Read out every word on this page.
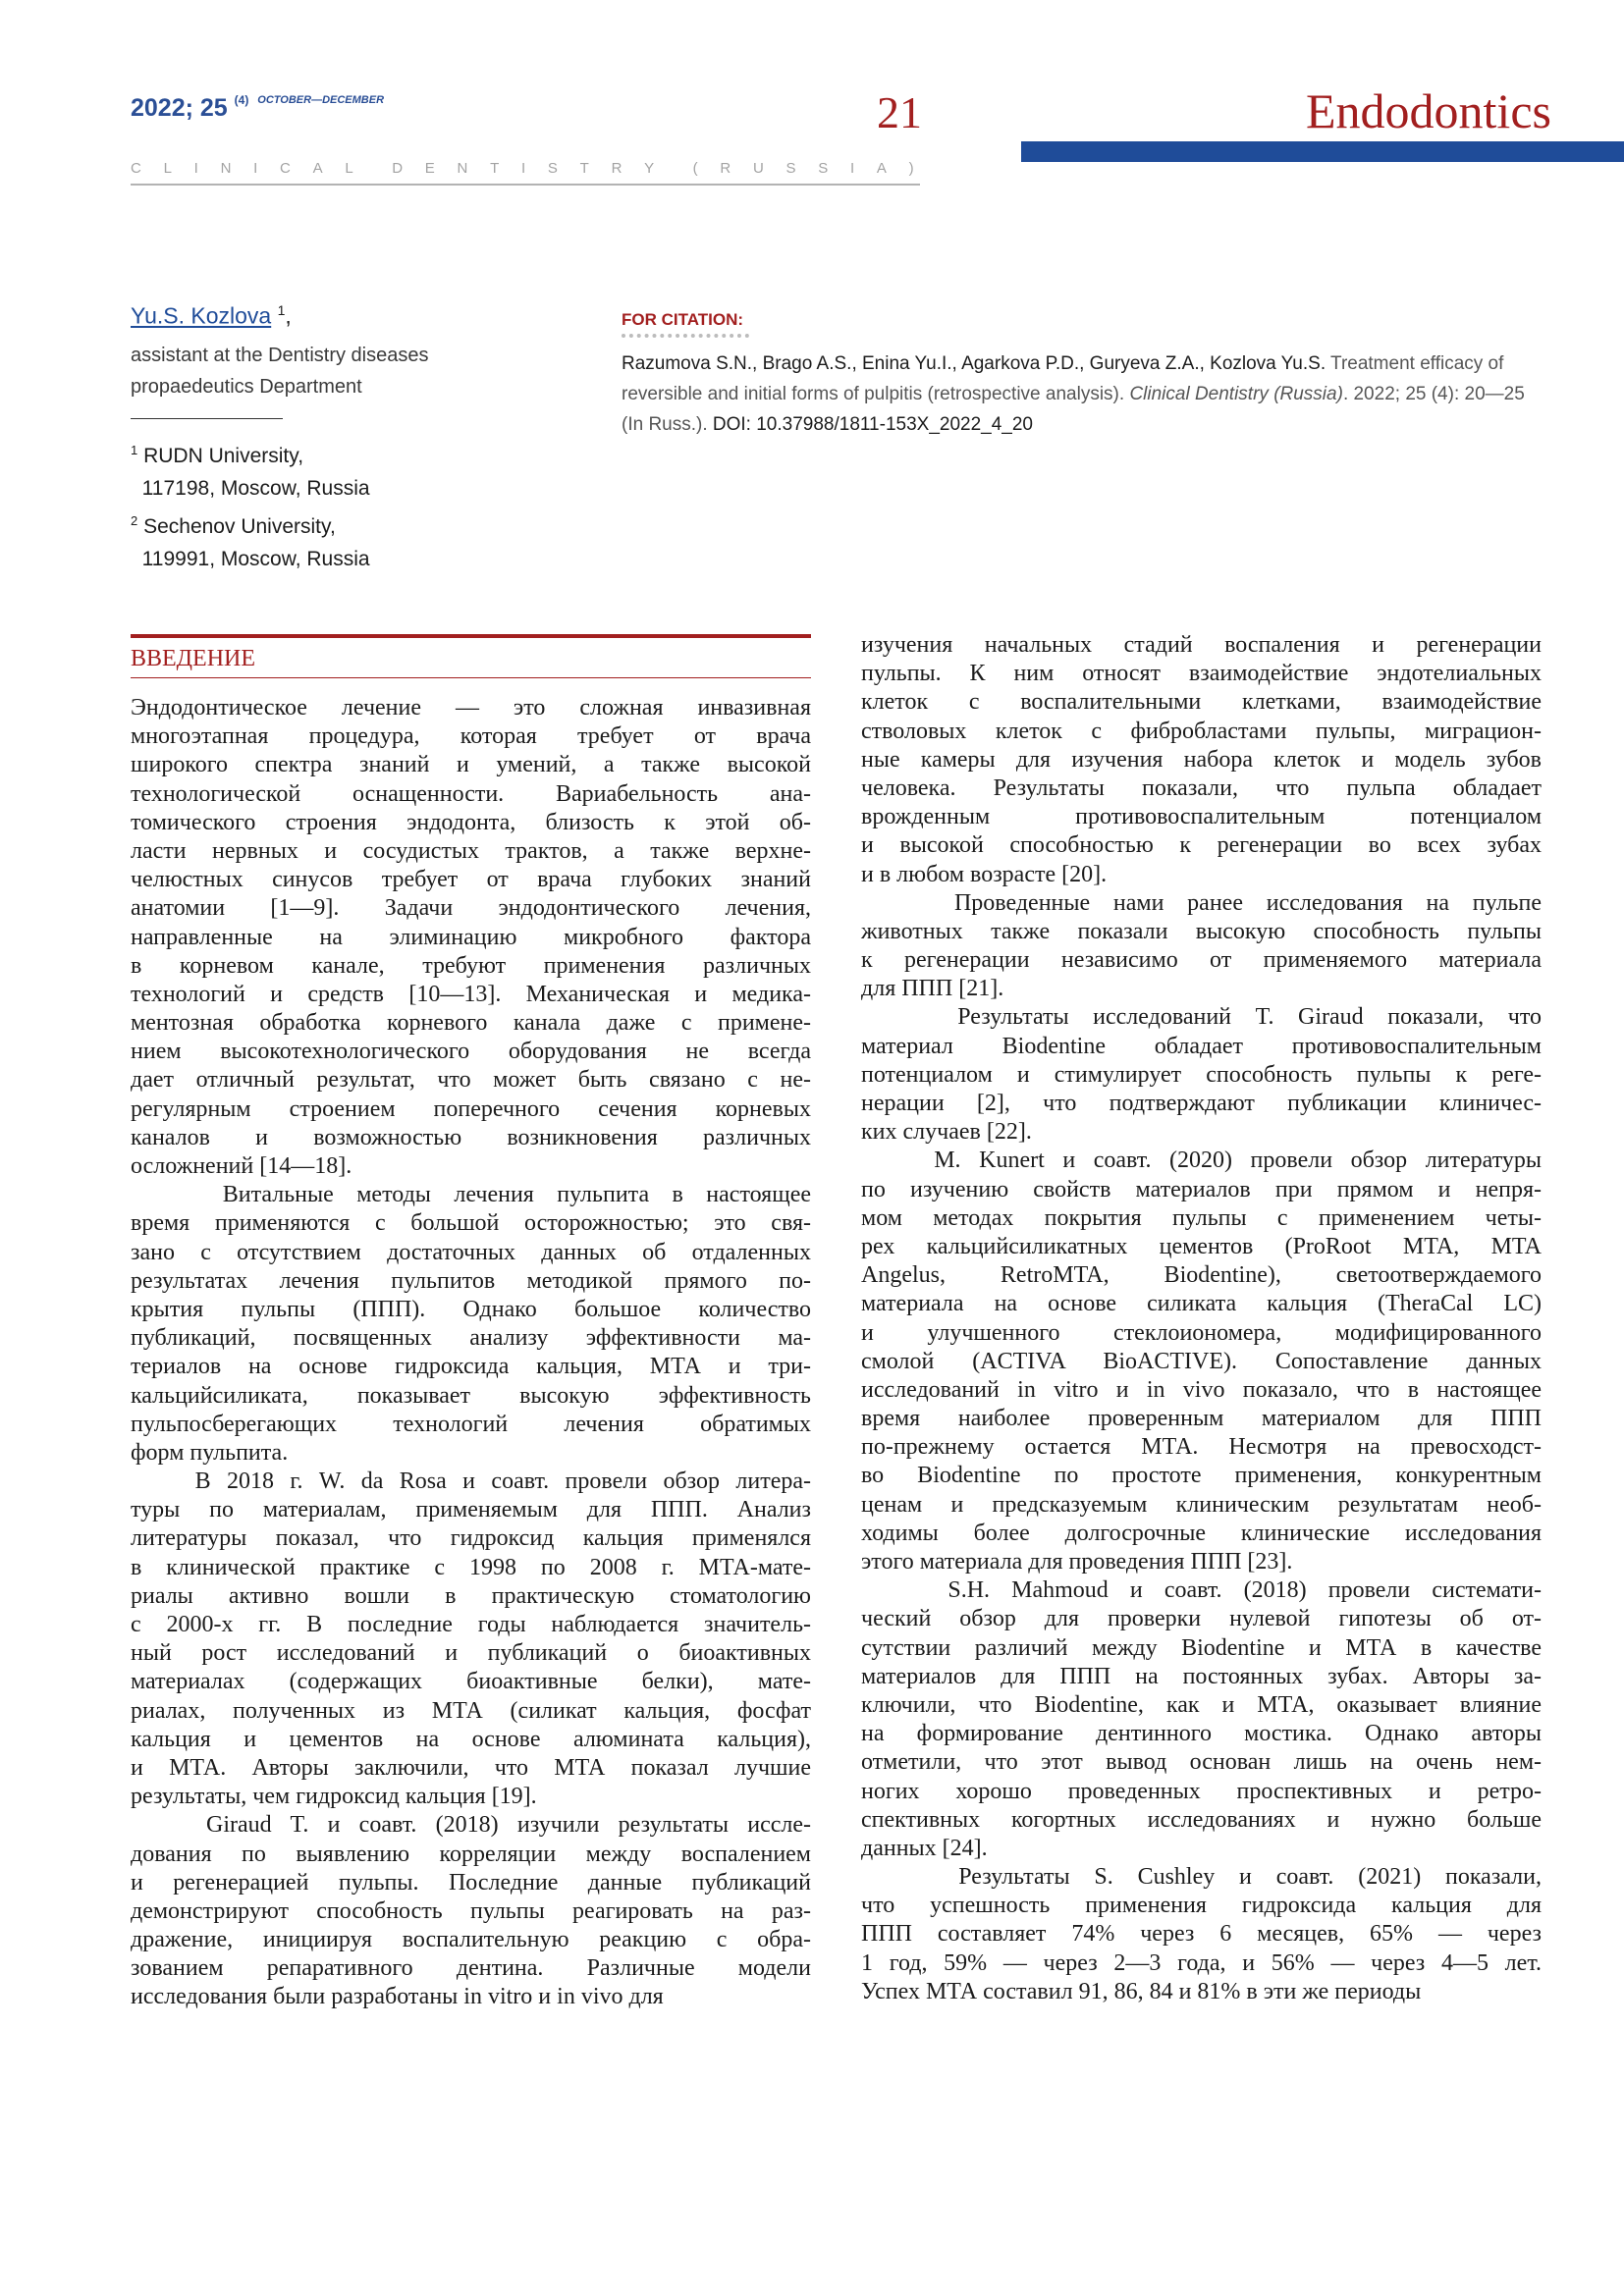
2022; 25 $^{(4)}$ $^{OCTOBER—DECEMBER}$	21	Endodontics
C L I N I C A L D E N T I S T R Y ( R U S S I A )
Yu.S. Kozlova $^1$,
assistant at the Dentistry diseases
propaedeutics Department
$^1$ RUDN University,
117198, Moscow, Russia
$^2$ Sechenov University,
119991, Moscow, Russia
FOR CITATION:
Razumova S.N., Brago A.S., Enina Yu.I., Agarkova P.D., Guryeva Z.A., Kozlova Yu.S. Treatment efficacy of reversible and initial forms of pulpitis (retrospective analysis). Clinical Dentistry (Russia). 2022; 25 (4): 20—25 (In Russ.). DOI: 10.37988/1811-153X_2022_4_20
ВВЕДЕНИЕ
Эндодонтическое лечение — это сложная инвазивная
многоэтапная процедура, которая требует от врача
широкого спектра знаний и умений, а также высокой
технологической оснащенности. Вариабельность ана-
томического строения эндодонта, близость к этой об-
ласти нервных и сосудистых трактов, а также верхне-
челюстных синусов требует от врача глубоких знаний
анатомии [1—9]. Задачи эндодонтического лечения,
направленные на элиминацию микробного фактора
в корневом канале, требуют применения различных
технологий и средств [10—13]. Механическая и медика-
ментозная обработка корневого канала даже с примене-
нием высокотехнологического оборудования не всегда
дает отличный результат, что может быть связано с не-
регулярным строением поперечного сечения корневых
каналов и возможностью возникновения различных
осложнений [14—18].
Витальные методы лечения пульпита в настоящее
время применяются с большой осторожностью; это свя-
зано с отсутствием достаточных данных об отдаленных
результатах лечения пульпитов методикой прямого по-
крытия пульпы (ППП). Однако большое количество
публикаций, посвященных анализу эффективности ма-
териалов на основе гидроксида кальция, МТА и три-
кальцийсиликата, показывает высокую эффективность
пульпосберегающих технологий лечения обратимых
форм пульпита.
В 2018 г. W. da Rosa и соавт. провели обзор литера-
туры по материалам, применяемым для ППП. Анализ
литературы показал, что гидроксид кальция применялся
в клинической практике с 1998 по 2008 г. МТА-мате-
риалы активно вошли в практическую стоматологию
с 2000-х гг. В последние годы наблюдается значитель-
ный рост исследований и публикаций о биоактивных
материалах (содержащих биоактивные белки), мате-
риалах, полученных из МТА (силикат кальция, фосфат
кальция и цементов на основе алюмината кальция),
и МТА. Авторы заключили, что МТА показал лучшие
результаты, чем гидроксид кальция [19].
Giraud T. и соавт. (2018) изучили результаты иссле-
дования по выявлению корреляции между воспалением
и регенерацией пульпы. Последние данные публикаций
демонстрируют способность пульпы реагировать на раз-
дражение, инициируя воспалительную реакцию с обра-
зованием репаративного дентина. Различные модели
исследования были разработаны in vitro и in vivo для
изучения начальных стадий воспаления и регенерации
пульпы. К ним относят взаимодействие эндотелиальных
клеток с воспалительными клетками, взаимодействие
стволовых клеток с фибробластами пульпы, миграцион-
ные камеры для изучения набора клеток и модель зубов
человека. Результаты показали, что пульпа обладает
врожденным противовоспалительным потенциалом
и высокой способностью к регенерации во всех зубах
и в любом возрасте [20].
Проведенные нами ранее исследования на пульпе
животных также показали высокую способность пульпы
к регенерации независимо от применяемого материала
для ППП [21].
Результаты исследований T. Giraud показали, что
материал Biodentine обладает противовоспалительным
потенциалом и стимулирует способность пульпы к реге-
нерации [2], что подтверждают публикации клиничес-
ких случаев [22].
M. Kunert и соавт. (2020) провели обзор литературы
по изучению свойств материалов при прямом и непря-
мом методах покрытия пульпы с применением четы-
рех кальцийсиликатных цементов (ProRoot MTA, MTA
Angelus, RetroMTA, Biodentine), светоотверждаемого
материала на основе силиката кальция (TheraCal LC)
и улучшенного стеклоиономера, модифицированного
смолой (ACTIVA BioACTIVE). Сопоставление данных
исследований in vitro и in vivo показало, что в настоящее
время наиболее проверенным материалом для ППП
по-прежнему остается МТА. Несмотря на превосходст-
во Biodentine по простоте применения, конкурентным
ценам и предсказуемым клиническим результатам необ-
ходимы более долгосрочные клинические исследования
этого материала для проведения ППП [23].
S.H. Mahmoud и соавт. (2018) провели системати-
ческий обзор для проверки нулевой гипотезы об от-
сутствии различий между Biodentine и МТА в качестве
материалов для ППП на постоянных зубах. Авторы за-
ключили, что Biodentine, как и МТА, оказывает влияние
на формирование дентинного мостика. Однако авторы
отметили, что этот вывод основан лишь на очень нем-
ногих хорошо проведенных проспективных и ретро-
спективных когортных исследованиях и нужно больше
данных [24].
Результаты S. Cushley и соавт. (2021) показали,
что успешность применения гидроксида кальция для
ППП составляет 74% через 6 месяцев, 65% — через
1 год, 59% — через 2—3 года, и 56% — через 4—5 лет.
Успех МТА составил 91, 86, 84 и 81% в эти же периоды
